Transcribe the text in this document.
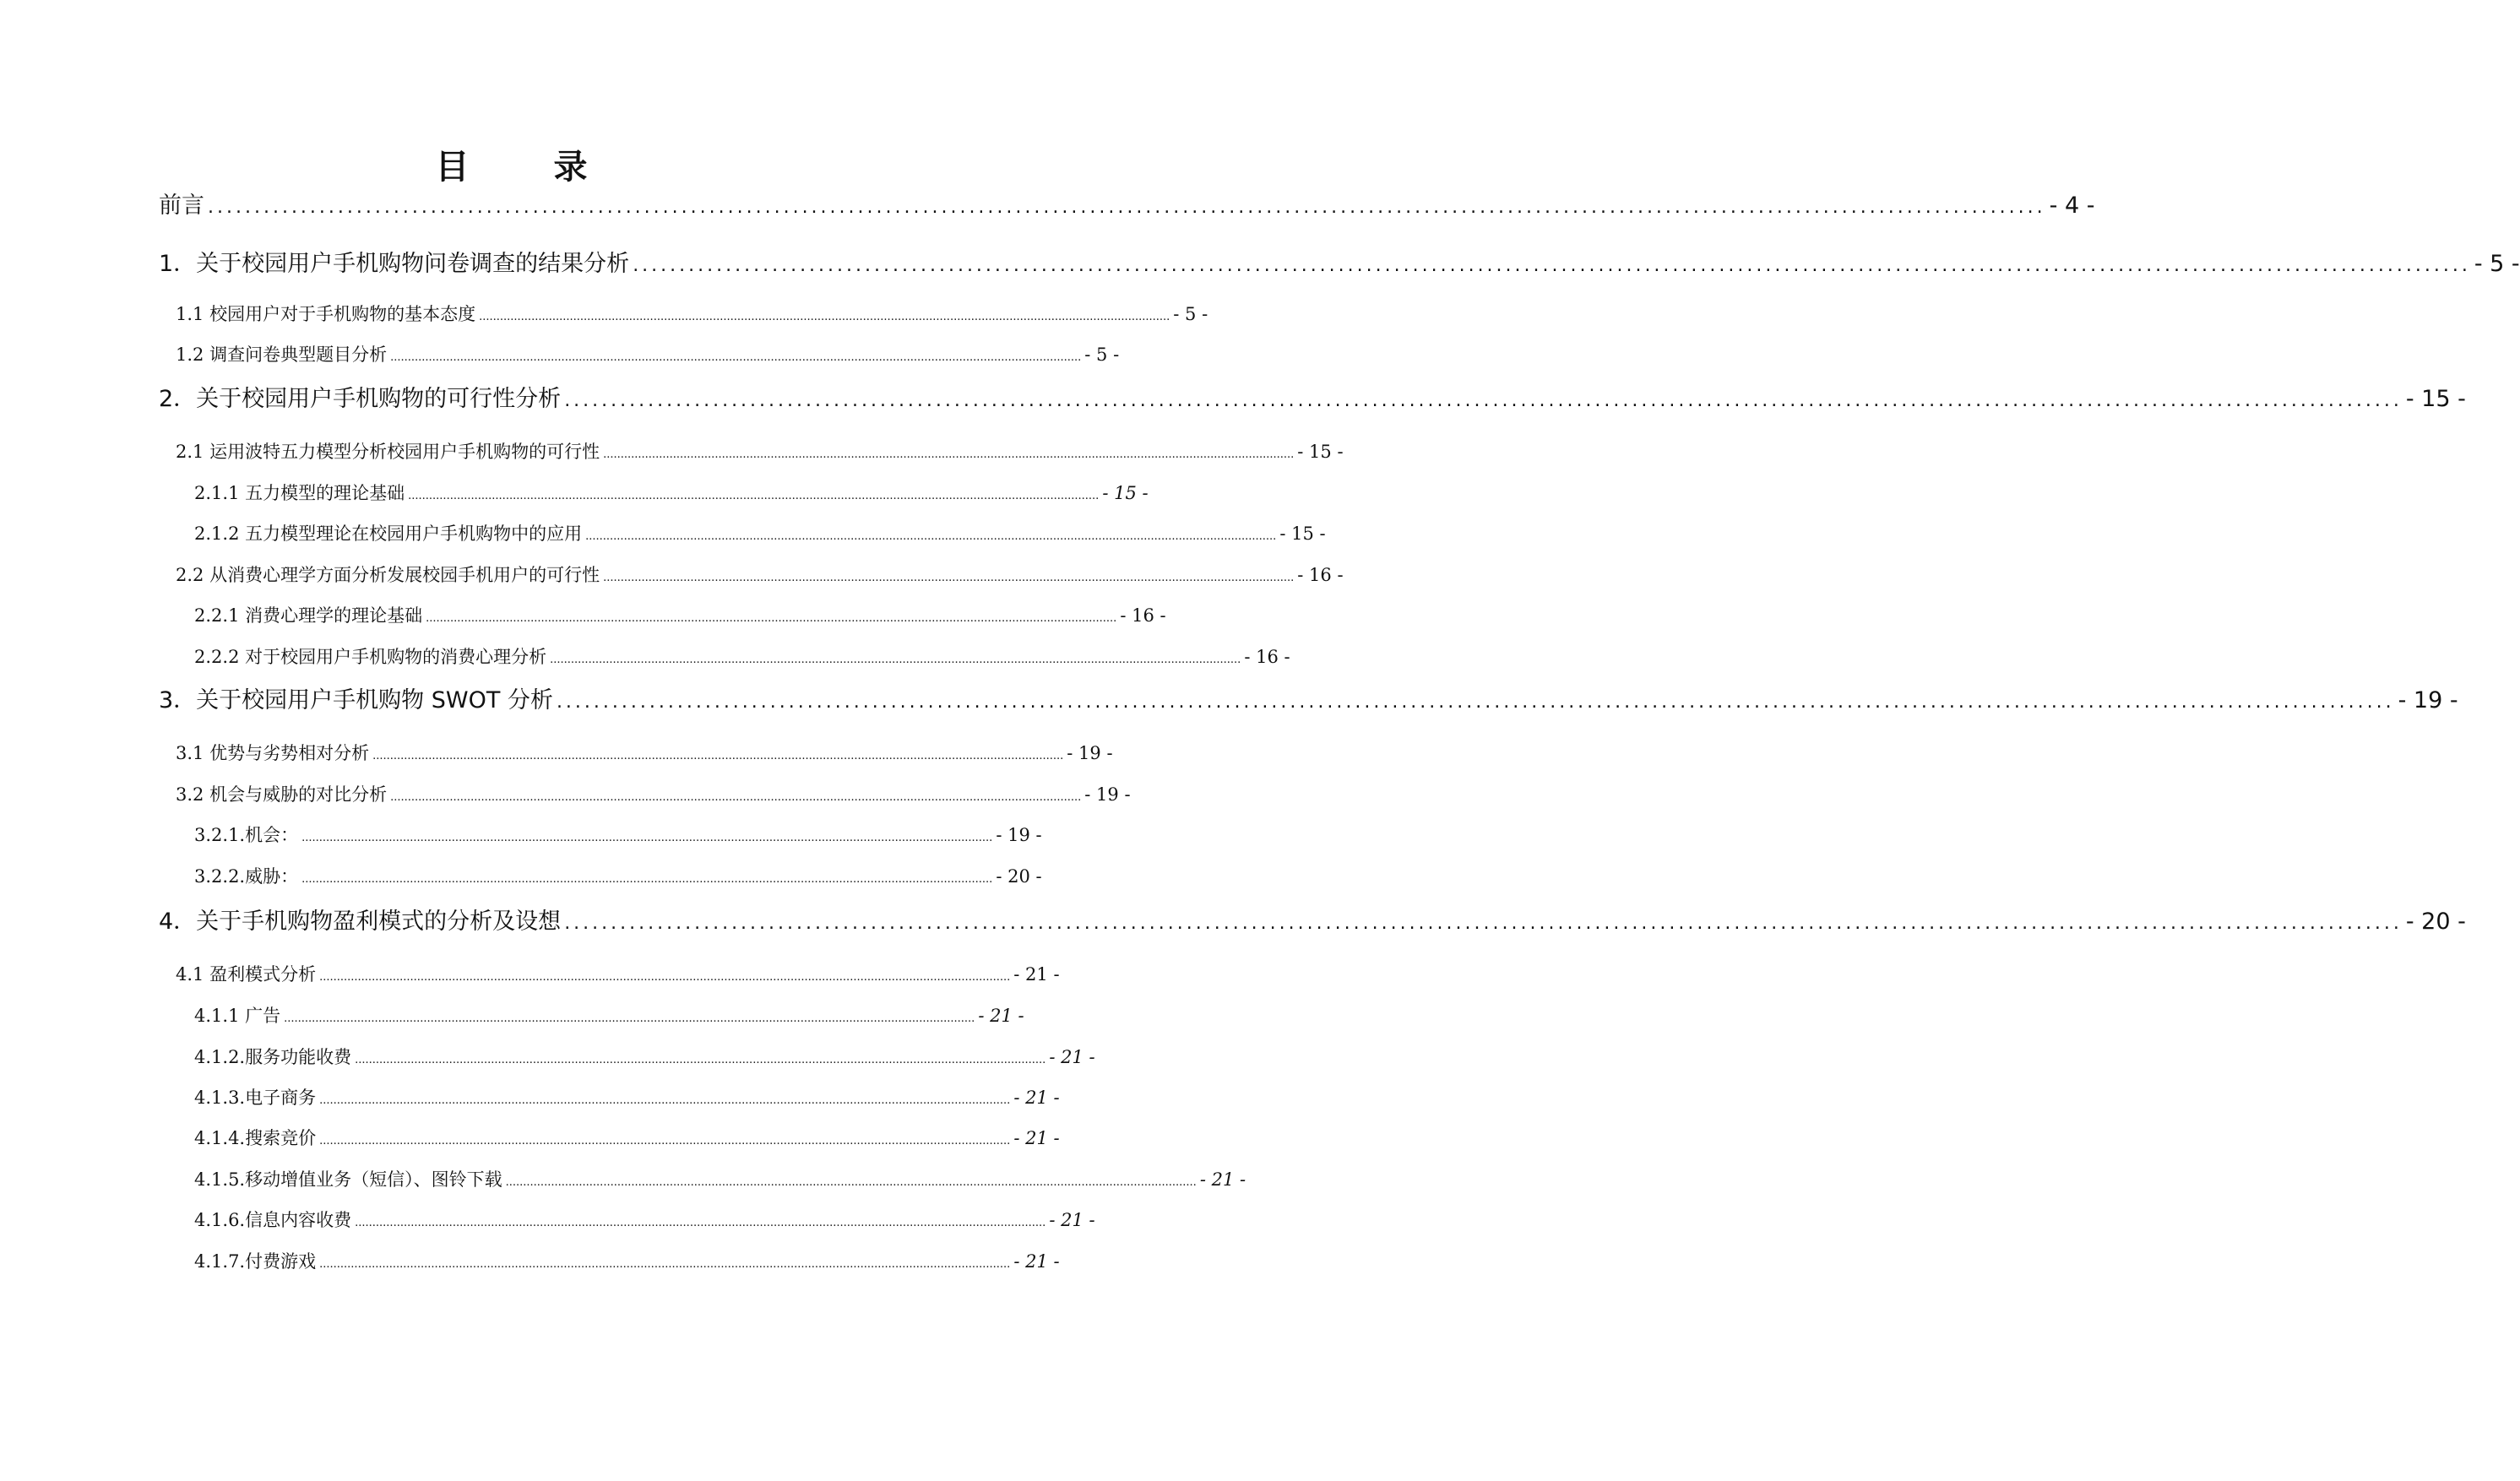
目　录
前言 ...................................................................................................................................................................................................... - 4 -
1．关于校园用户手机购物问卷调查的结果分析 ...................................................................................................................................................................................................... - 5 -
1.1 校园用户对于手机购物的基本态度 ...................................................................................................................................................................................................... - 5 -
1.2 调查问卷典型题目分析 ...................................................................................................................................................................................................... - 5 -
2．关于校园用户手机购物的可行性分析 ...................................................................................................................................................................................................... - 15 -
2.1 运用波特五力模型分析校园用户手机购物的可行性 ...................................................................................................................................................................................................... - 15 -
2.1.1 五力模型的理论基础 ...................................................................................................................................................................................................... - 15 -
2.1.2 五力模型理论在校园用户手机购物中的应用 ...................................................................................................................................................................................................... - 15 -
2.2 从消费心理学方面分析发展校园手机用户的可行性 ...................................................................................................................................................................................................... - 16 -
2.2.1 消费心理学的理论基础 ...................................................................................................................................................................................................... - 16 -
2.2.2 对于校园用户手机购物的消费心理分析 ...................................................................................................................................................................................................... - 16 -
3．关于校园用户手机购物 SWOT 分析 ...................................................................................................................................................................................................... - 19 -
3.1 优势与劣势相对分析 ...................................................................................................................................................................................................... - 19 -
3.2 机会与威胁的对比分析 ...................................................................................................................................................................................................... - 19 -
3.2.1.机会： ...................................................................................................................................................................................................... - 19 -
3.2.2.威胁： ...................................................................................................................................................................................................... - 20 -
4．关于手机购物盈利模式的分析及设想 ...................................................................................................................................................................................................... - 20 -
4.1 盈利模式分析 ...................................................................................................................................................................................................... - 21 -
4.1.1 广告 ...................................................................................................................................................................................................... - 21 -
4.1.2.服务功能收费 ...................................................................................................................................................................................................... - 21 -
4.1.3.电子商务 ...................................................................................................................................................................................................... - 21 -
4.1.4.搜索竞价 ...................................................................................................................................................................................................... - 21 -
4.1.5.移动增值业务（短信）、图铃下载 ...................................................................................................................................................................................................... - 21 -
4.1.6.信息内容收费 ...................................................................................................................................................................................................... - 21 -
4.1.7.付费游戏 ...................................................................................................................................................................................................... - 21 -
